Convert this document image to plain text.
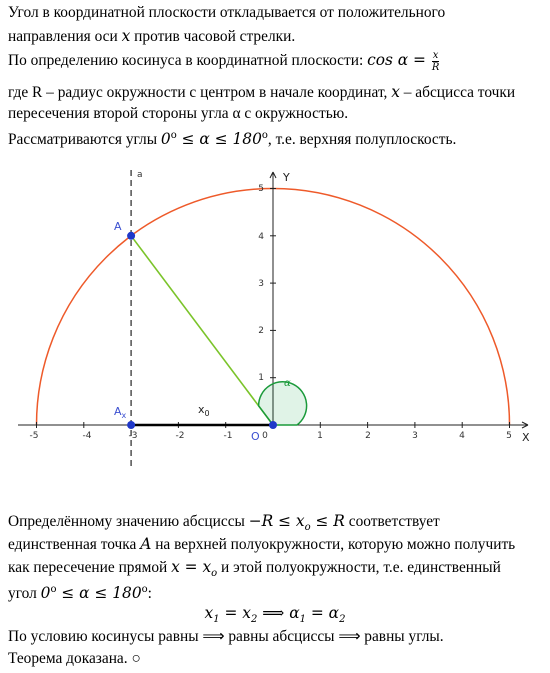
Угол в координатной плоскости откладывается от положительного
направления оси x против часовой стрелки.
По определению косинуса в координатной плоскости: $\cos \alpha = \frac{x}{R}$
где R – радиус окружности с центром в начале координат, x – абсцисса точки
пересечения второй стороны угла α с окружностью.
Рассматриваются углы $0^o \le \alpha \le 180^o$, т.е. верхняя полуплоскость.
-5	-4	-3	-2	-1	0	1	2	3	4	5
1
2
3
4
5
Y
X
a
$x_0$
α
A
$A_x$
O
Определённому значению абсциссы $-R \le x_o \le R$ соответствует
единственная точка A на верхней полуокружности, которую можно получить
как пересечение прямой $x = x_o$ и этой полуокружности, т.е. единственный
угол $0^o \le \alpha \le 180^o$:
$x_1 = x_2$ ⟹ $\alpha_1 = \alpha_2$
По условию косинусы равны ⟹ равны абсциссы ⟹ равны углы.
Теорема доказана. ○
